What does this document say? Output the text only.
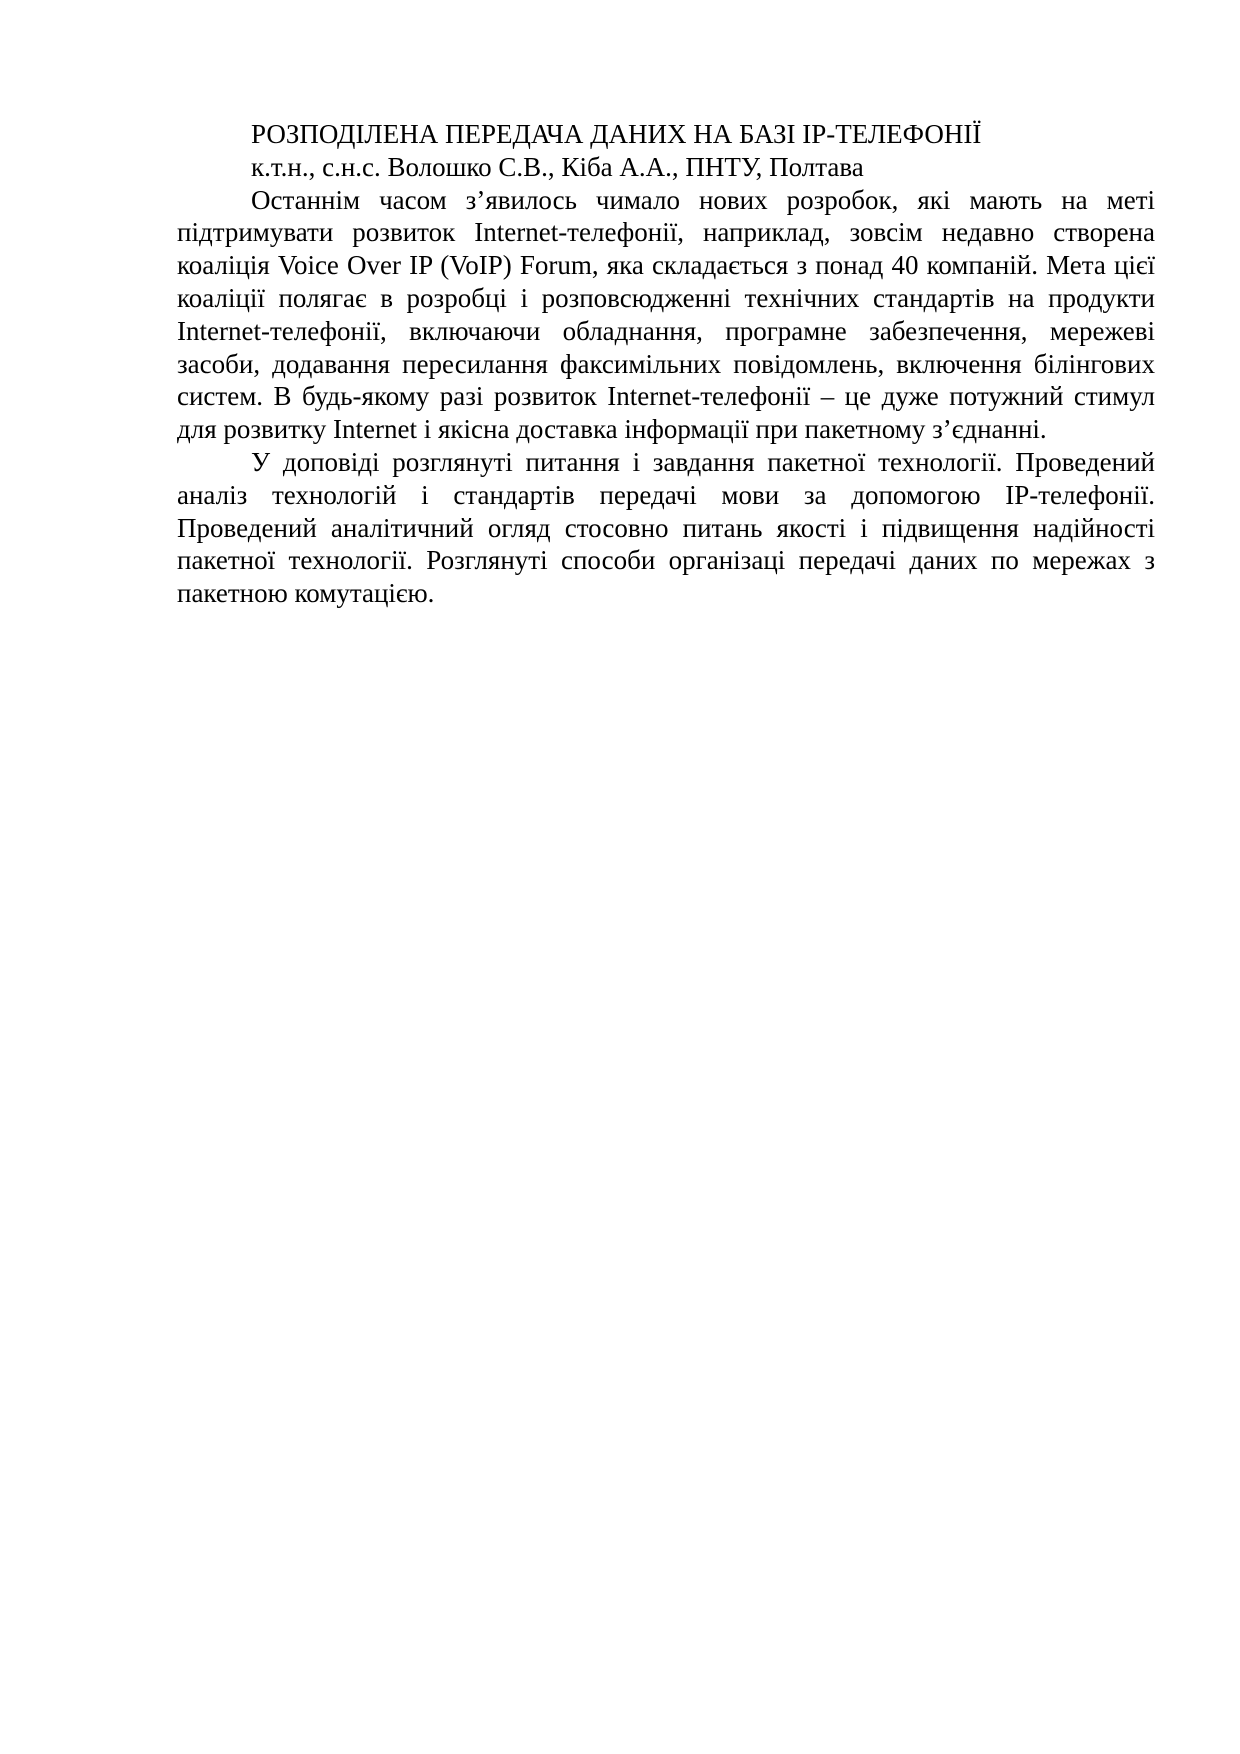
РОЗПОДІЛЕНА ПЕРЕДАЧА ДАНИХ НА БАЗІ IP-ТЕЛЕФОНІЇ

к.т.н., с.н.с. Волошко С.В., Кіба А.А., ПНТУ, Полтава

Останнім часом з’явилось чимало нових розробок, які мають на меті підтримувати розвиток Internet-телефонії, наприклад, зовсім недавно створена коаліція Voice Over IP (VoIP) Forum, яка складається з понад 40 компаній. Мета цієї коаліції полягає в розробці і розповсюдженні технічних стандартів на продукти Internet-телефонії, включаючи обладнання, програмне забезпечення, мережеві засоби, додавання пересилання факсимільних повідомлень, включення білінгових систем. В будь-якому разі розвиток Internet-телефонії – це дуже потужний стимул для розвитку Internet і якісна доставка інформації при пакетному з’єднанні.

У доповіді розглянуті питання і завдання пакетної технології. Проведений аналіз технологій і стандартів передачі мови за допомогою IP-телефонії. Проведений аналітичний огляд стосовно питань якості і підвищення надійності пакетної технології. Розглянуті способи організаці передачі даних по мережах з пакетною комутацією.
